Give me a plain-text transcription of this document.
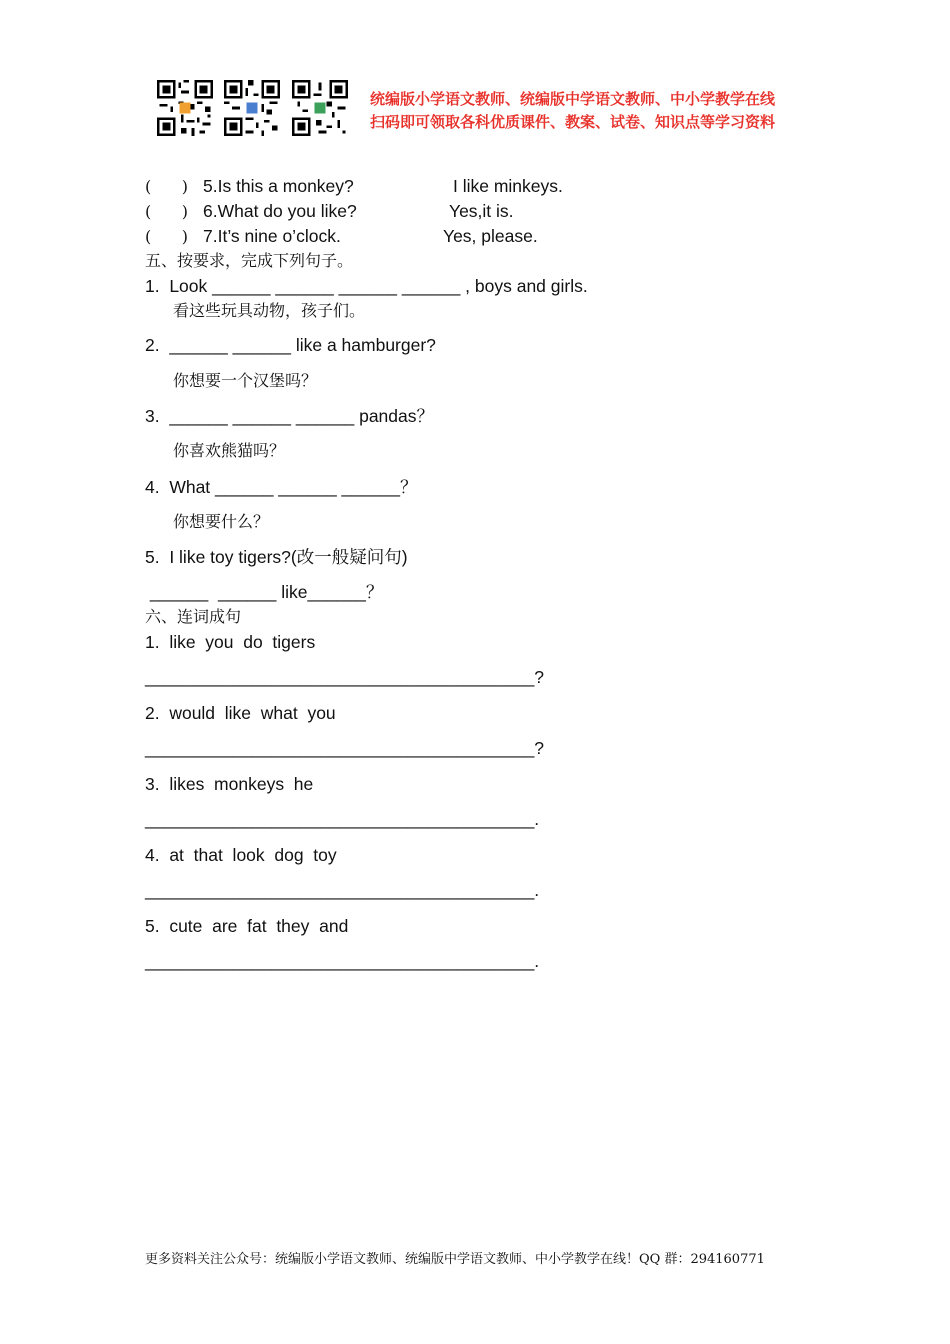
统编版小学语文教师、统编版中学语文教师、中小学教学在线
扫码即可领取各科优质课件、教案、试卷、知识点等学习资料
(      ) 5.Is this a monkey?	I like minkeys.
(      ) 6.What do you like?	Yes,it is.
(      ) 7.It’s nine o’clock.	Yes, please.
五、按要求，完成下列句子。
1.  Look ______ ______ ______ ______ , boys and girls.
看这些玩具动物，孩子们。
2.  ______ ______ like a hamburger?
你想要一个汉堡吗？
3.  ______ ______ ______ pandas？
你喜欢熊猫吗？
4.  What ______ ______ ______？
你想要什么？
5.  I like toy tigers?(改一般疑问句)
______  ______ like______？
六、连词成句
1.  like  you  do  tigers
________________________________________?
2.  would  like  what  you
________________________________________?
3.  likes  monkeys  he
________________________________________.
4.  at  that  look  dog  toy
________________________________________.
5.  cute  are  fat  they  and
________________________________________.
更多资料关注公众号：统编版小学语文教师、统编版中学语文教师、中小学教学在线！QQ 群：294160771
